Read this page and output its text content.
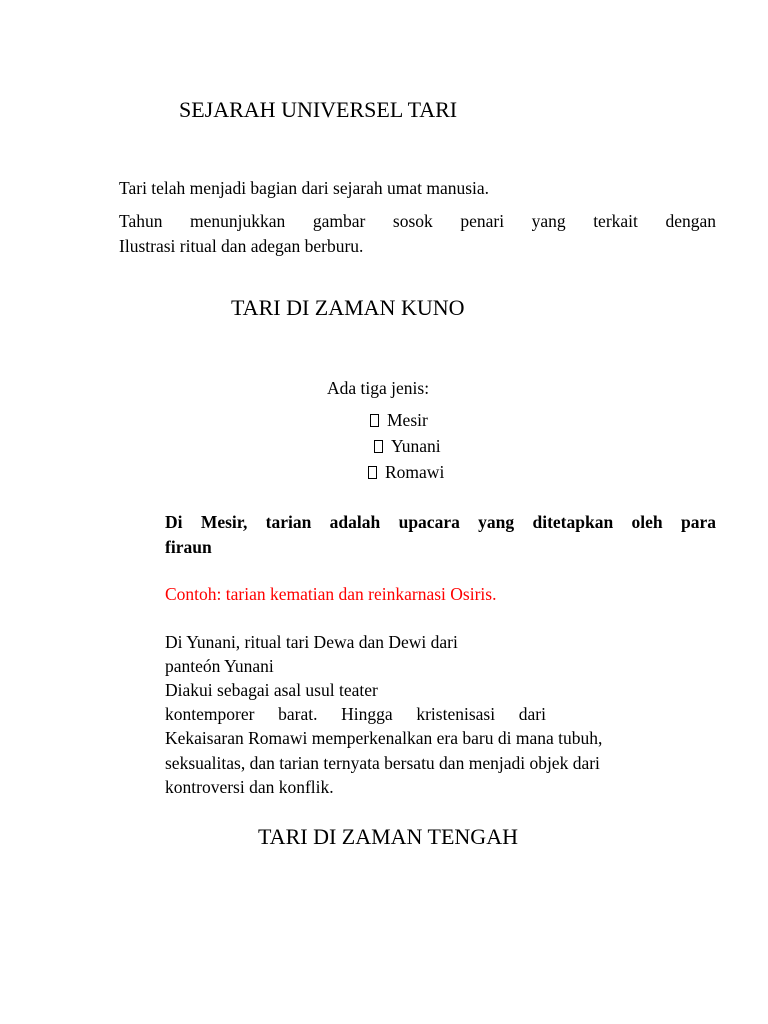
SEJARAH UNIVERSEL TARI
Tari telah menjadi bagian dari sejarah umat manusia.
Tahun menunjukkan gambar sosok penari yang terkait dengan
Ilustrasi ritual dan adegan berburu.
TARI DI ZAMAN KUNO
Ada tiga jenis:
Mesir
Yunani
Romawi
Di Mesir, tarian adalah upacara yang ditetapkan oleh para
firaun
Contoh: tarian kematian dan reinkarnasi Osiris.
Di Yunani, ritual tari Dewa dan Dewi dari
panteón Yunani
Diakui sebagai asal usul teater
kontemporer barat. Hingga kristenisasi dari
Kekaisaran Romawi memperkenalkan era baru di mana tubuh,
seksualitas, dan tarian ternyata bersatu dan menjadi objek dari
kontroversi dan konflik.
TARI DI ZAMAN TENGAH
